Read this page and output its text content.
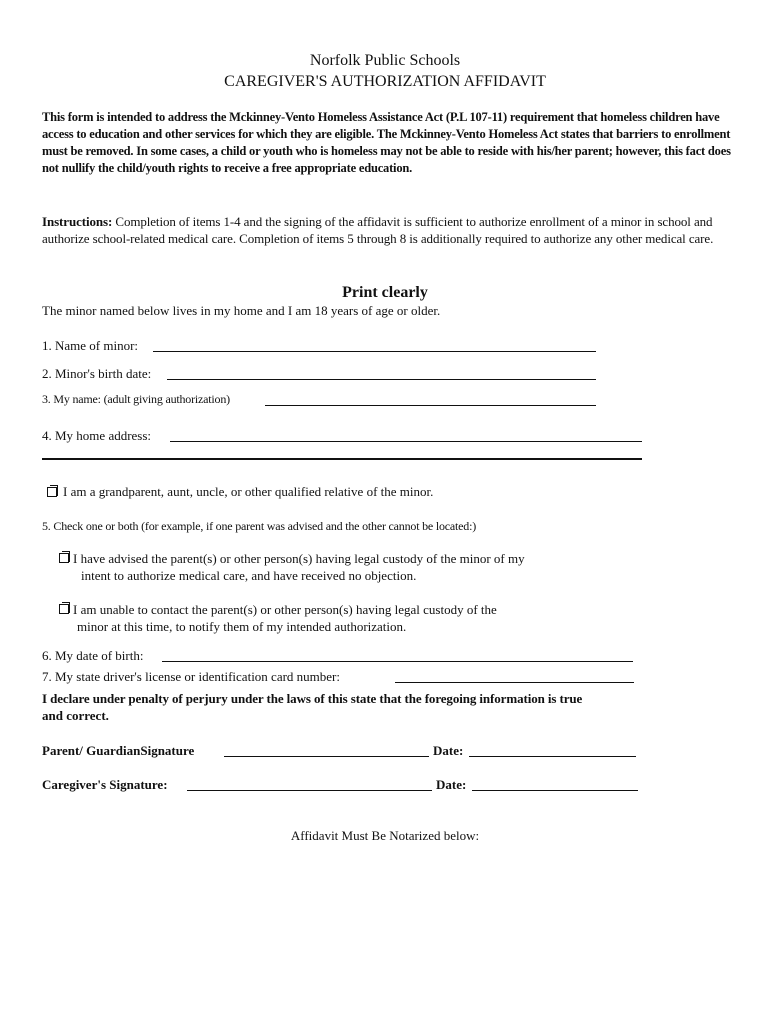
Norfolk Public Schools
CAREGIVER'S AUTHORIZATION AFFIDAVIT
This form is intended to address the Mckinney-Vento Homeless Assistance Act (P.L 107-11) requirement that homeless children have access to education and other services for which they are eligible. The Mckinney-Vento Homeless Act states that barriers to enrollment must be removed. In some cases, a child or youth who is homeless may not be able to reside with his/her parent; however, this fact does not nullify the child/youth rights to receive a free appropriate education.
Instructions: Completion of items 1-4 and the signing of the affidavit is sufficient to authorize enrollment of a minor in school and authorize school-related medical care. Completion of items 5 through 8 is additionally required to authorize any other medical care.
Print clearly
The minor named below lives in my home and I am 18 years of age or older.
1. Name of minor:
2. Minor's birth date:
3. My name: (adult giving authorization)
4. My home address:
I am a grandparent, aunt, uncle, or other qualified relative of the minor.
5. Check one or both (for example, if one parent was advised and the other cannot be located:)
I have advised the parent(s) or other person(s) having legal custody of the minor of my
intent to authorize medical care, and have received no objection.
I am unable to contact the parent(s) or other person(s) having legal custody of the
minor at this time, to notify them of my intended authorization.
6. My date of birth:
7. My state driver's license or identification card number:
I declare under penalty of perjury under the laws of this state that the foregoing information is true
and correct.
Parent/ GuardianSignature	Date:
Caregiver's Signature:	Date:
Affidavit Must Be Notarized below:
